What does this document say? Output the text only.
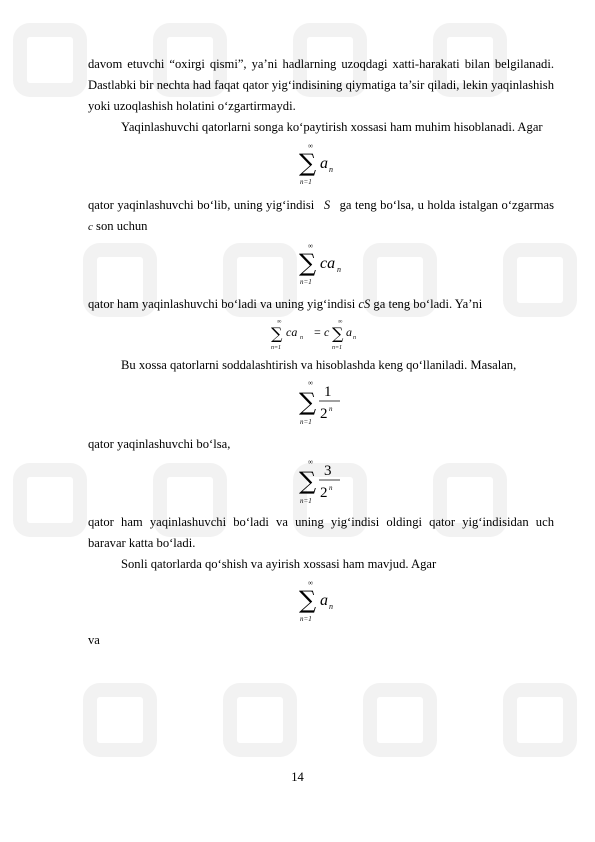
davom etuvchi “oxirgi qismi”, ya’ni hadlarning uzoqdagi xatti-harakati bilan belgilanadi. Dastlabki bir nechta had faqat qator yig‘indisining qiymatiga ta’sir qiladi, lekin yaqinlashish yoki uzoqlashish holatini o‘zgartirmaydi.

Yaqinlashuvchi qatorlarni songa ko‘paytirish xossasi ham muhim hisoblanadi. Agar

∞
∑
n=1
a n

qator yaqinlashuvchi bo‘lib, uning yig‘indisi S ga teng bo‘lsa, u holda istalgan o‘zgarmas c son uchun

∞
∑
n=1
ca n

qator ham yaqinlashuvchi bo‘ladi va uning yig‘indisi cS ga teng bo‘ladi. Ya’ni

∞
∑
n=1
ca n = c
∞
∑
n=1
a n

Bu xossa qatorlarni soddalashtirish va hisoblashda keng qo‘llaniladi. Masalan,

∞
∑
n=1
1
2 n

qator yaqinlashuvchi bo‘lsa,

∞
∑
n=1
3
2 n

qator ham yaqinlashuvchi bo‘ladi va uning yig‘indisi oldingi qator yig‘indisidan uch baravar katta bo‘ladi.

Sonli qatorlarda qo‘shish va ayirish xossasi ham mavjud. Agar

∞
∑
n=1
a n

va

14
